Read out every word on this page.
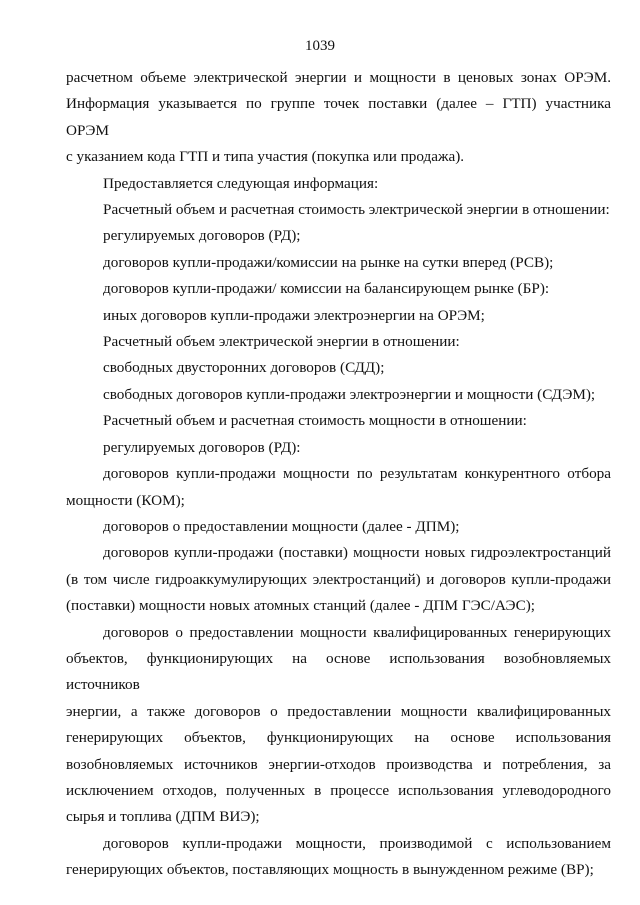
1039
расчетном объеме электрической энергии и мощности в ценовых зонах ОРЭМ.
Информация указывается по группе точек поставки (далее – ГТП) участника ОРЭМ
с указанием кода ГТП и типа участия (покупка или продажа).
Предоставляется следующая информация:
Расчетный объем и расчетная стоимость электрической энергии в отношении:
регулируемых договоров (РД);
договоров купли-продажи/комиссии на рынке на сутки вперед (РСВ);
договоров купли-продажи/ комиссии на балансирующем рынке (БР):
иных договоров купли-продажи электроэнергии на ОРЭМ;
Расчетный объем электрической энергии в отношении:
свободных двусторонних договоров (СДД);
свободных договоров купли-продажи электроэнергии и мощности (СДЭМ);
Расчетный объем и расчетная стоимость мощности в отношении:
регулируемых договоров (РД):
договоров купли-продажи мощности по результатам конкурентного отбора
мощности (КОМ);
договоров о предоставлении мощности (далее - ДПМ);
договоров купли-продажи (поставки) мощности новых гидроэлектростанций
(в том числе гидроаккумулирующих электростанций) и договоров купли-продажи
(поставки) мощности новых атомных станций (далее - ДПМ ГЭС/АЭС);
договоров о предоставлении мощности квалифицированных генерирующих
объектов, функционирующих на основе использования возобновляемых источников
энергии, а также договоров о предоставлении мощности квалифицированных
генерирующих объектов, функционирующих на основе использования
возобновляемых источников энергии-отходов производства и потребления, за
исключением отходов, полученных в процессе использования углеводородного
сырья и топлива (ДПМ ВИЭ);
договоров купли-продажи мощности, производимой с использованием
генерирующих объектов, поставляющих мощность в вынужденном режиме (ВР);
